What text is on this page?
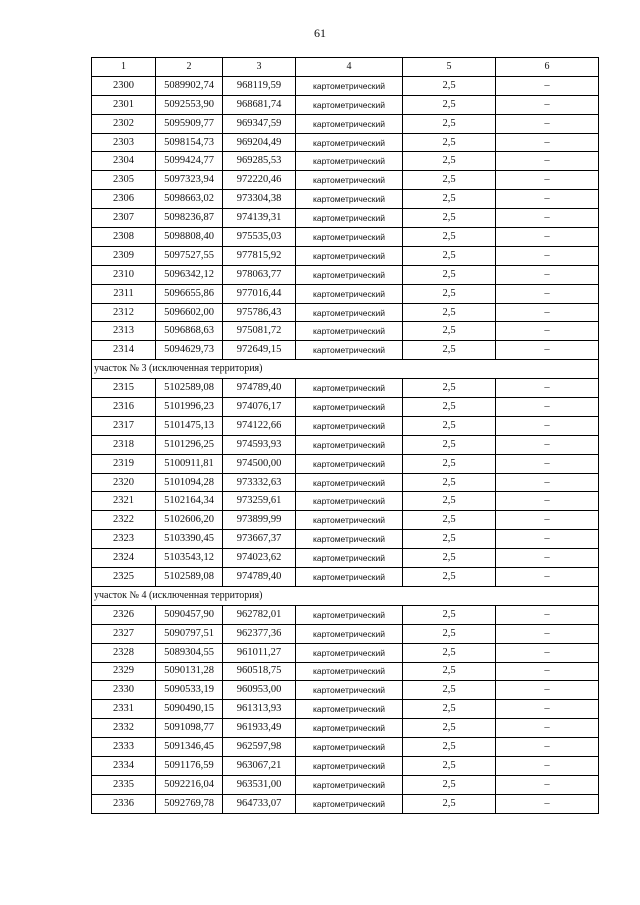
61
1	2	3	4	5	6
2300	5089902,74	968119,59	картометрический	2,5	–
2301	5092553,90	968681,74	картометрический	2,5	–
2302	5095909,77	969347,59	картометрический	2,5	–
2303	5098154,73	969204,49	картометрический	2,5	–
2304	5099424,77	969285,53	картометрический	2,5	–
2305	5097323,94	972220,46	картометрический	2,5	–
2306	5098663,02	973304,38	картометрический	2,5	–
2307	5098236,87	974139,31	картометрический	2,5	–
2308	5098808,40	975535,03	картометрический	2,5	–
2309	5097527,55	977815,92	картометрический	2,5	–
2310	5096342,12	978063,77	картометрический	2,5	–
2311	5096655,86	977016,44	картометрический	2,5	–
2312	5096602,00	975786,43	картометрический	2,5	–
2313	5096868,63	975081,72	картометрический	2,5	–
2314	5094629,73	972649,15	картометрический	2,5	–
участок № 3 (исключенная территория)					
2315	5102589,08	974789,40	картометрический	2,5	–
2316	5101996,23	974076,17	картометрический	2,5	–
2317	5101475,13	974122,66	картометрический	2,5	–
2318	5101296,25	974593,93	картометрический	2,5	–
2319	5100911,81	974500,00	картометрический	2,5	–
2320	5101094,28	973332,63	картометрический	2,5	–
2321	5102164,34	973259,61	картометрический	2,5	–
2322	5102606,20	973899,99	картометрический	2,5	–
2323	5103390,45	973667,37	картометрический	2,5	–
2324	5103543,12	974023,62	картометрический	2,5	–
2325	5102589,08	974789,40	картометрический	2,5	–
участок № 4 (исключенная территория)					
2326	5090457,90	962782,01	картометрический	2,5	–
2327	5090797,51	962377,36	картометрический	2,5	–
2328	5089304,55	961011,27	картометрический	2,5	–
2329	5090131,28	960518,75	картометрический	2,5	–
2330	5090533,19	960953,00	картометрический	2,5	–
2331	5090490,15	961313,93	картометрический	2,5	–
2332	5091098,77	961933,49	картометрический	2,5	–
2333	5091346,45	962597,98	картометрический	2,5	–
2334	5091176,59	963067,21	картометрический	2,5	–
2335	5092216,04	963531,00	картометрический	2,5	–
2336	5092769,78	964733,07	картометрический	2,5	–
